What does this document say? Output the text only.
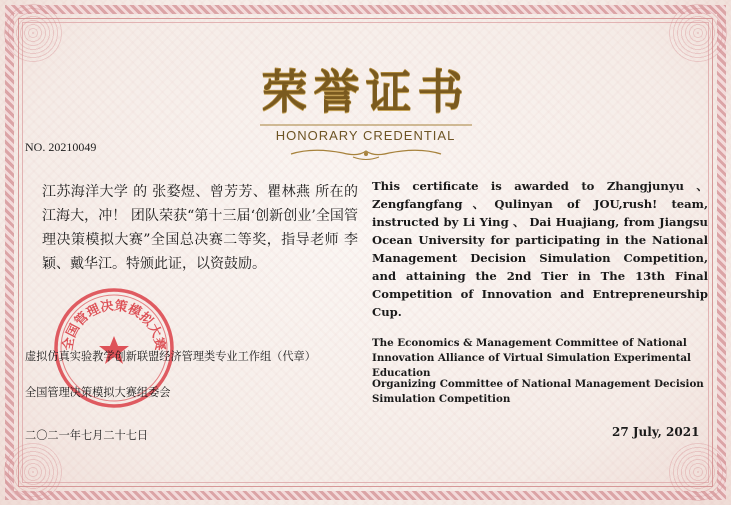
荣誉证书
HONORARY CREDENTIAL
NO. 20210049
江苏海洋大学 的 张婺煜、曾芳芳、瞿林燕 所在的 江海大，冲！ 团队荣获“第十三届‘创新创业’全国管理决策模拟大赛”全国总决赛二等奖，指导老师 李颖、戴华江。特颁此证，以资鼓励。
This certificate is awarded to Zhangjunyu 、Zengfangfang、Qulinyan of JOU,rush! team, instructed by Li Ying 、 Dai Huajiang, from Jiangsu Ocean University for participating in the National Management Decision Simulation Competition, and attaining the 2nd Tier in The 13th Final Competition of Innovation and Entrepreneurship Cup.
全国管理决策模拟大赛
虚拟仿真实验教学创新联盟经济管理类专业工作组（代章）
全国管理决策模拟大赛组委会
The Economics & Management Committee of National Innovation Alliance of Virtual Simulation Experimental Education
Organizing Committee of National Management Decision Simulation Competition
二〇二一年七月二十七日	27 July, 2021
